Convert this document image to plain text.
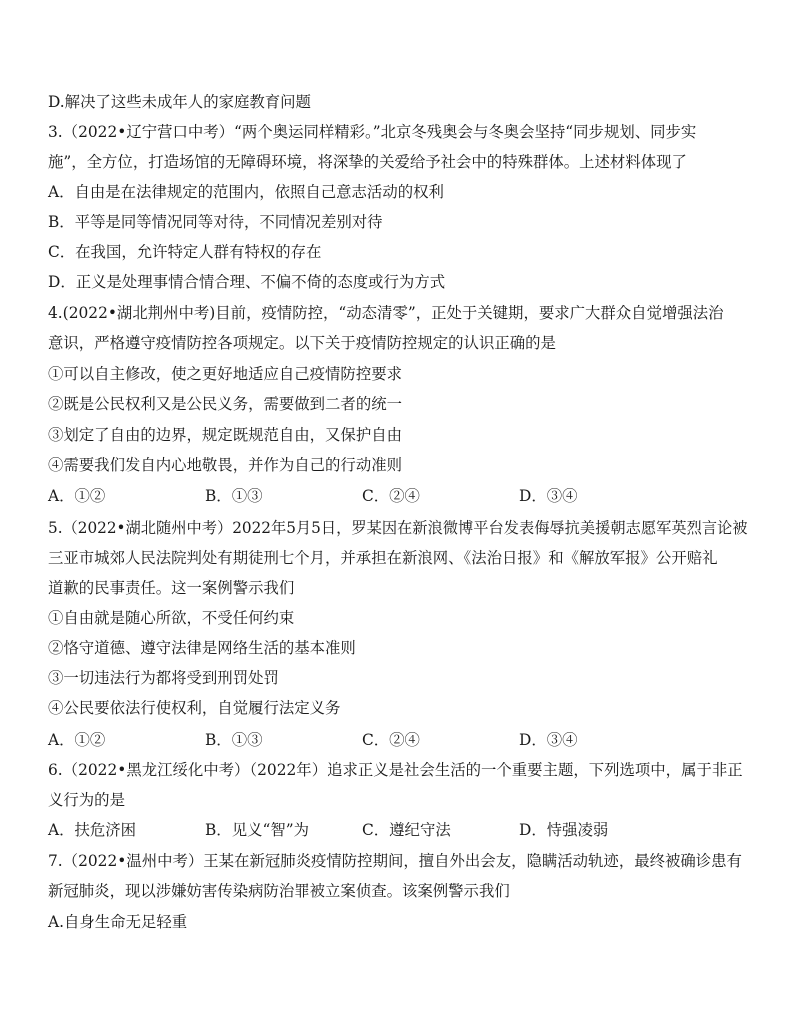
D.解决了这些未成年人的家庭教育问题
3.（2022•辽宁营口中考）“两个奥运同样精彩。”北京冬残奥会与冬奥会坚持“同步规划、同步实
施”，全方位，打造场馆的无障碍环境，将深挚的关爱给予社会中的特殊群体。上述材料体现了
A．自由是在法律规定的范围内，依照自己意志活动的权利
B．平等是同等情况同等对待，不同情况差别对待
C．在我国，允许特定人群有特权的存在
D．正义是处理事情合情合理、不偏不倚的态度或行为方式
4.(2022•湖北荆州中考)目前，疫情防控，“动态清零”，正处于关键期，要求广大群众自觉增强法治
意识，严格遵守疫情防控各项规定。以下关于疫情防控规定的认识正确的是
①可以自主修改，使之更好地适应自己疫情防控要求
②既是公民权利又是公民义务，需要做到二者的统一
③划定了自由的边界，规定既规范自由，又保护自由
④需要我们发自内心地敬畏，并作为自己的行动准则
A．①②	B．①③	C．②④	D．③④
5.（2022•湖北随州中考）2022年5月5日，罗某因在新浪微博平台发表侮辱抗美援朝志愿军英烈言论被
三亚市城郊人民法院判处有期徒刑七个月，并承担在新浪网、《法治日报》和《解放军报》公开赔礼
道歉的民事责任。这一案例警示我们
①自由就是随心所欲，不受任何约束
②恪守道德、遵守法律是网络生活的基本准则
③一切违法行为都将受到刑罚处罚
④公民要依法行使权利，自觉履行法定义务
A．①②	B．①③	C．②④	D．③④
6.（2022•黑龙江绥化中考）（2022年）追求正义是社会生活的一个重要主题，下列选项中，属于非正
义行为的是
A．扶危济困	B．见义“智”为	C．遵纪守法	D．恃强凌弱
7.（2022•温州中考）王某在新冠肺炎疫情防控期间，擅自外出会友，隐瞒活动轨迹，最终被确诊患有
新冠肺炎，现以涉嫌妨害传染病防治罪被立案侦查。该案例警示我们
A.自身生命无足轻重
